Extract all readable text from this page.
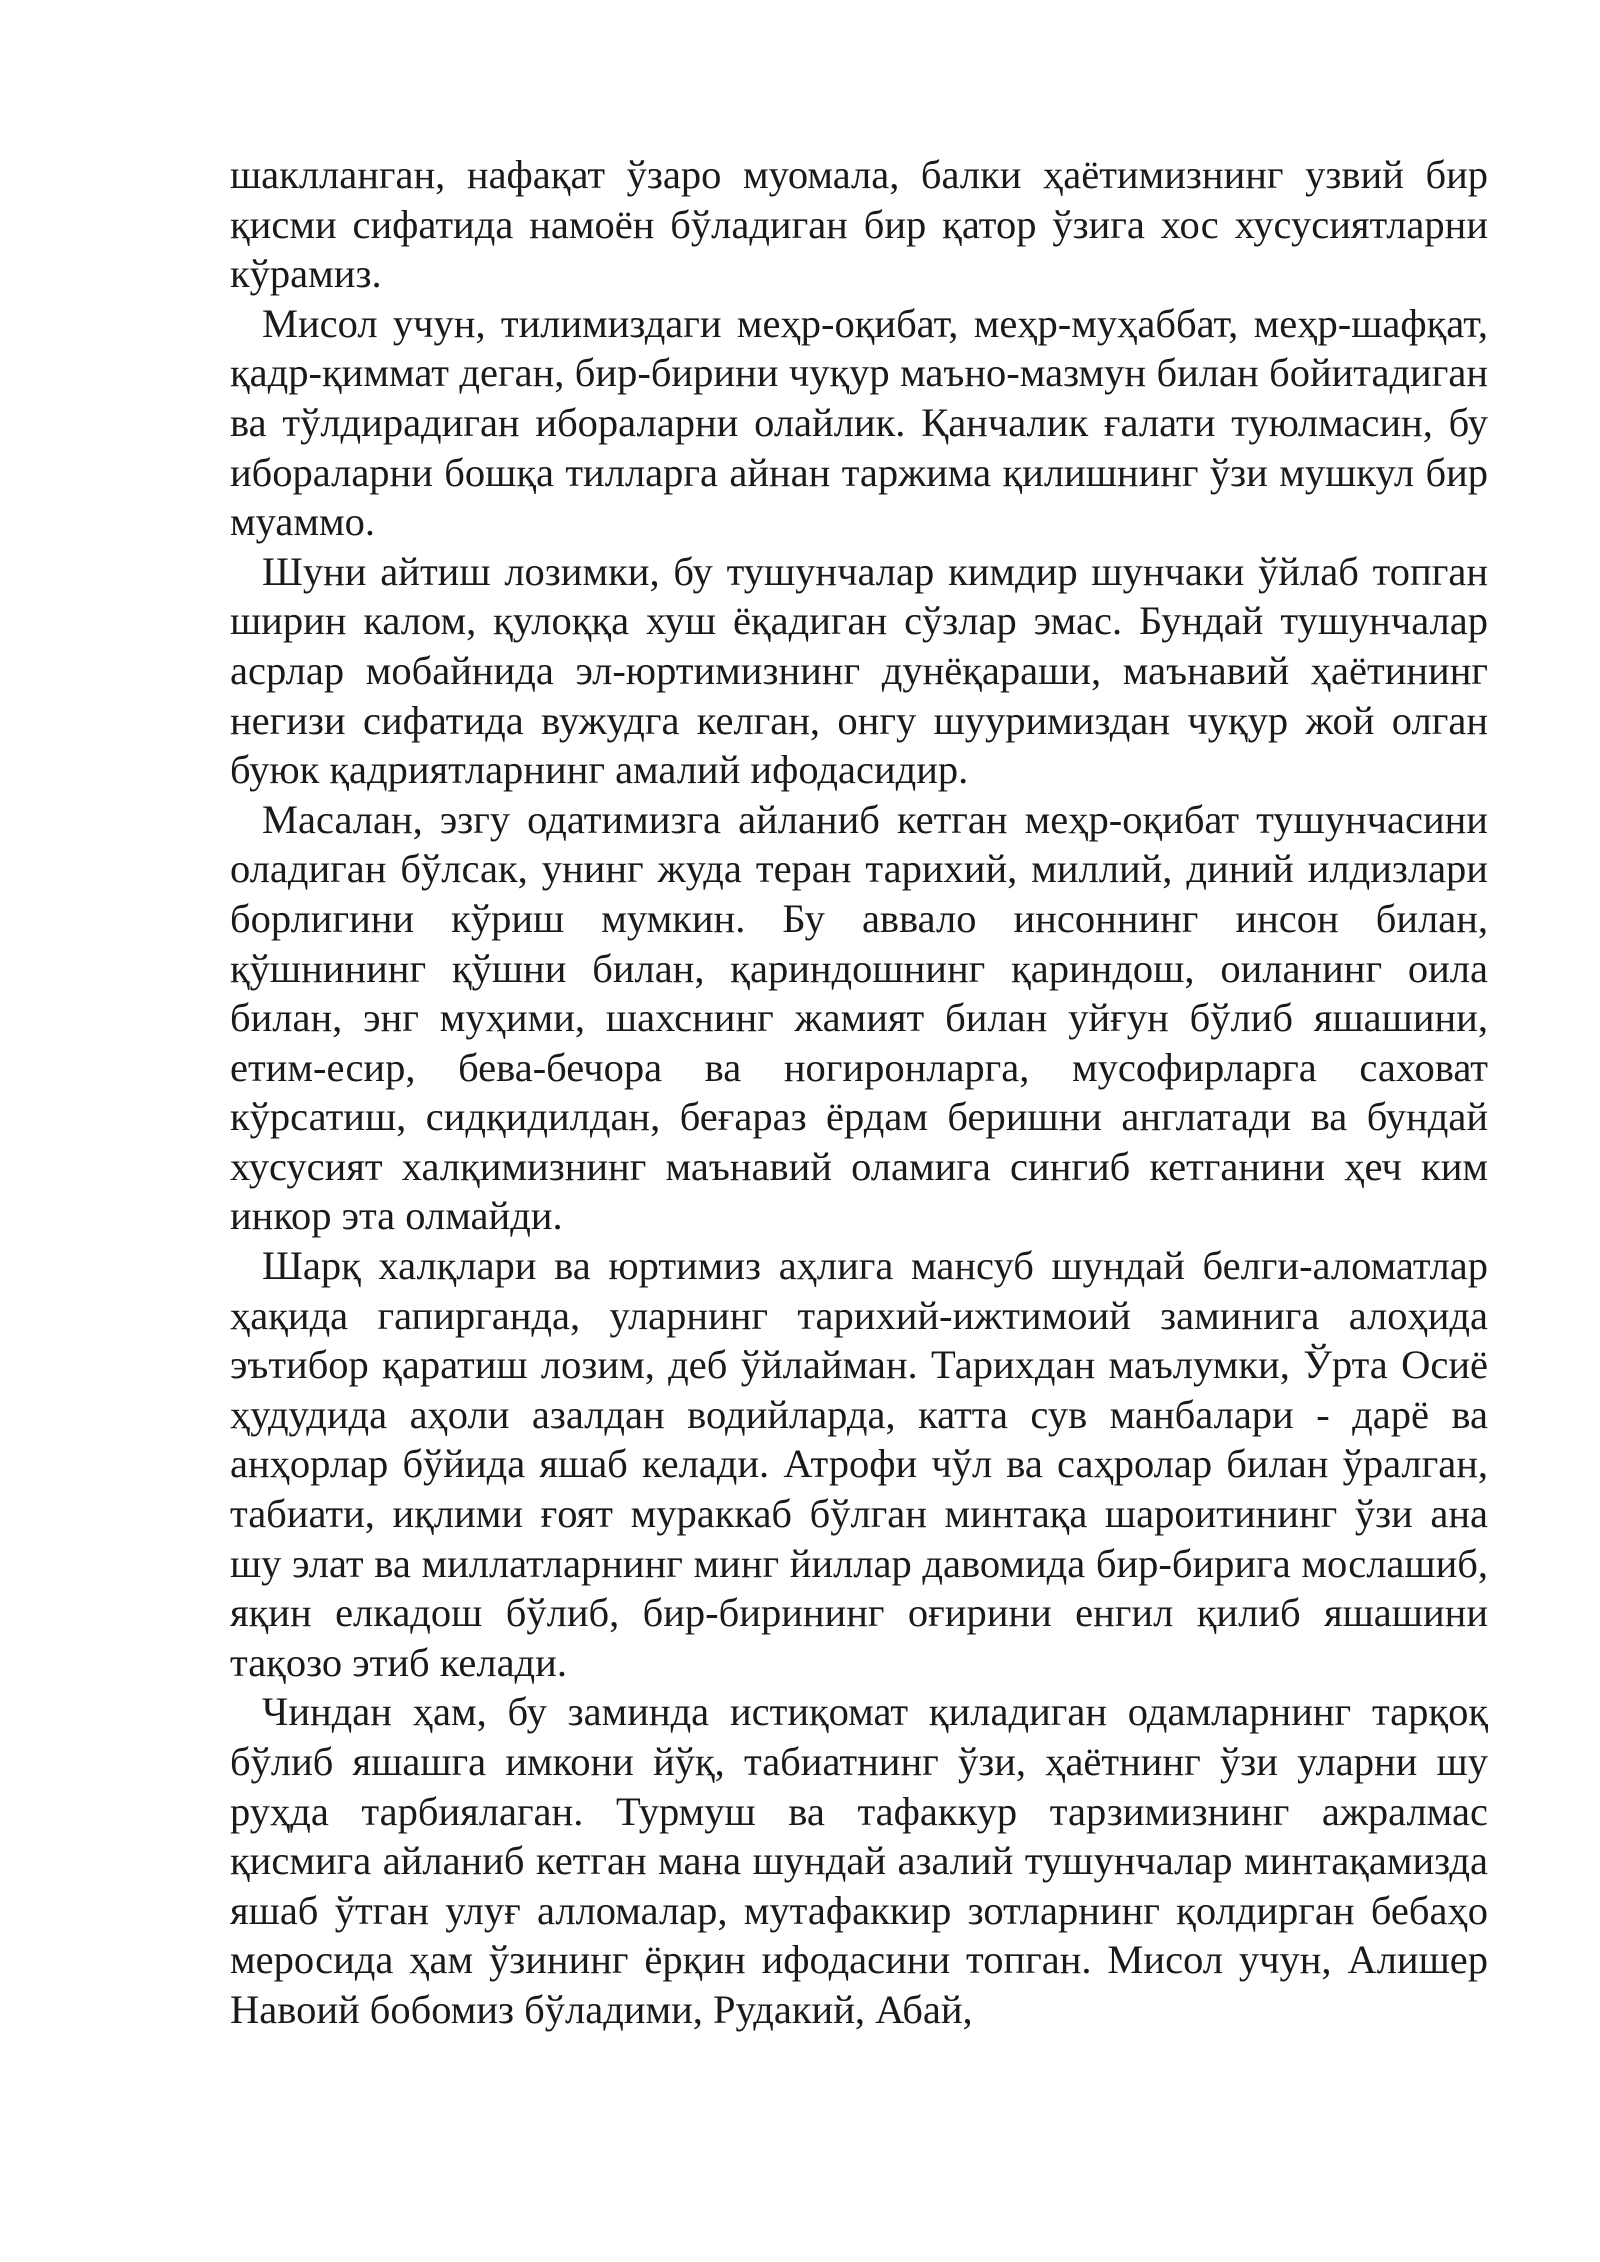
шаклланган, нафақат ўзаро муомала, балки ҳаётимизнинг узвий бир қисми сифатида намоён бўладиган бир қатор ўзига хос хусусиятларни кўрамиз.

Мисол учун, тилимиздаги меҳр-оқибат, меҳр-муҳаббат, меҳр-шафқат, қадр-қиммат деган, бир-бирини чуқур маъно-мазмун билан бойитадиган ва тўлдирадиган ибораларни олайлик. Қанчалик ғалати туюлмасин, бу ибораларни бошқа тилларга айнан таржима қилишнинг ўзи мушкул бир муаммо.

Шуни айтиш лозимки, бу тушунчалар кимдир шунчаки ўйлаб топган ширин калом, қулоққа хуш ёқадиган сўзлар эмас. Бундай тушунчалар асрлар мобайнида эл-юртимизнинг дунёқараши, маънавий ҳаётининг негизи сифатида вужудга келган, онгу шууримиздан чуқур жой олган буюк қадриятларнинг амалий ифодасидир.

Масалан, эзгу одатимизга айланиб кетган меҳр-оқибат тушунчасини оладиган бўлсак, унинг жуда теран тарихий, миллий, диний илдизлари борлигини кўриш мумкин. Бу аввало инсоннинг инсон билан, қўшнининг қўшни билан, қариндошнинг қариндош, оиланинг оила билан, энг муҳими, шахснинг жамият билан уйғун бўлиб яшашини, етим-есир, бева-бечора ва ногиронларга, мусофирларга саховат кўрсатиш, сидқидилдан, беғараз ёрдам беришни англатади ва бундай хусусият халқимизнинг маънавий оламига сингиб кетганини ҳеч ким инкор эта олмайди.

Шарқ халқлари ва юртимиз аҳлига мансуб шундай белги-аломатлар ҳақида гапирганда, уларнинг тарихий-ижтимоий заминига алоҳида эътибор қаратиш лозим, деб ўйлайман. Тарихдан маълумки, Ўрта Осиё ҳудудида аҳоли азалдан водийларда, катта сув манбалари - дарё ва анҳорлар бўйида яшаб келади. Атрофи чўл ва саҳролар билан ўралган, табиати, иқлими ғоят мураккаб бўлган минтақа шароитининг ўзи ана шу элат ва миллатларнинг минг йиллар давомида бир-бирига мослашиб, яқин елкадош бўлиб, бир-бирининг оғирини енгил қилиб яшашини тақозо этиб келади.

Чиндан ҳам, бу заминда истиқомат қиладиган одамларнинг тарқоқ бўлиб яшашга имкони йўқ, табиатнинг ўзи, ҳаётнинг ўзи уларни шу руҳда тарбиялаган. Турмуш ва тафаккур тарзимизнинг ажралмас қисмига айланиб кетган мана шундай азалий тушунчалар минтақамизда яшаб ўтган улуғ алломалар, мутафаккир зотларнинг қолдирган бебаҳо меросида ҳам ўзининг ёрқин ифодасини топган. Мисол учун, Алишер Навоий бобомиз бўладими, Рудакий, Абай,
